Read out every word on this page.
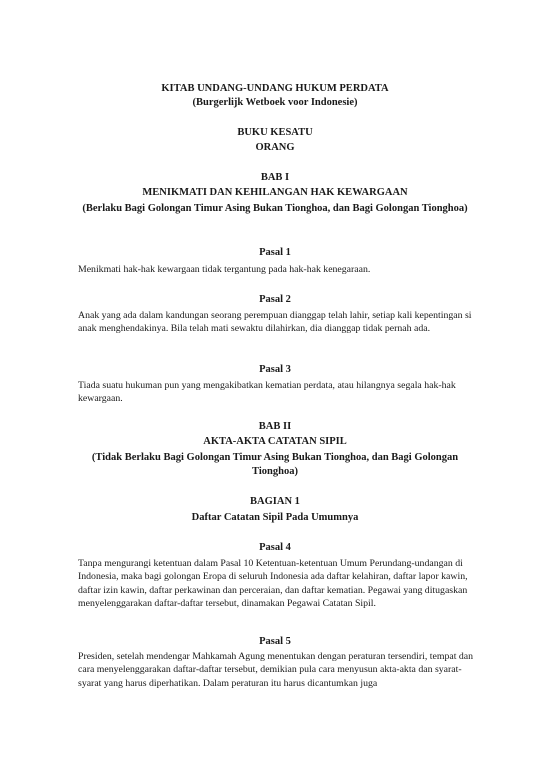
KITAB UNDANG-UNDANG HUKUM PERDATA
(Burgerlijk Wetboek voor Indonesie)
BUKU KESATU
ORANG
BAB I
MENIKMATI DAN KEHILANGAN HAK KEWARGAAN
(Berlaku Bagi Golongan Timur Asing Bukan Tionghoa, dan Bagi Golongan Tionghoa)
Pasal 1
Menikmati hak-hak kewargaan tidak tergantung pada hak-hak kenegaraan.
Pasal 2
Anak yang ada dalam kandungan seorang perempuan dianggap telah lahir, setiap kali kepentingan si anak menghendakinya. Bila telah mati sewaktu dilahirkan, dia dianggap tidak pernah ada.
Pasal 3
Tiada suatu hukuman pun yang mengakibatkan kematian perdata, atau hilangnya segala hak-hak kewargaan.
BAB II
AKTA-AKTA CATATAN SIPIL
(Tidak Berlaku Bagi Golongan Timur Asing Bukan Tionghoa, dan Bagi Golongan Tionghoa)
BAGIAN 1
Daftar Catatan Sipil Pada Umumnya
Pasal 4
Tanpa mengurangi ketentuan dalam Pasal 10 Ketentuan-ketentuan Umum Perundang-undangan di Indonesia, maka bagi golongan Eropa di seluruh Indonesia ada daftar kelahiran, daftar lapor kawin, daftar izin kawin, daftar perkawinan dan perceraian, dan daftar kematian. Pegawai yang ditugaskan menyelenggarakan daftar-daftar tersebut, dinamakan Pegawai Catatan Sipil.
Pasal 5
Presiden, setelah mendengar Mahkamah Agung menentukan dengan peraturan tersendiri, tempat dan cara menyelenggarakan daftar-daftar tersebut, demikian pula cara menyusun akta-akta dan syarat-syarat yang harus diperhatikan. Dalam peraturan itu harus dicantumkan juga
